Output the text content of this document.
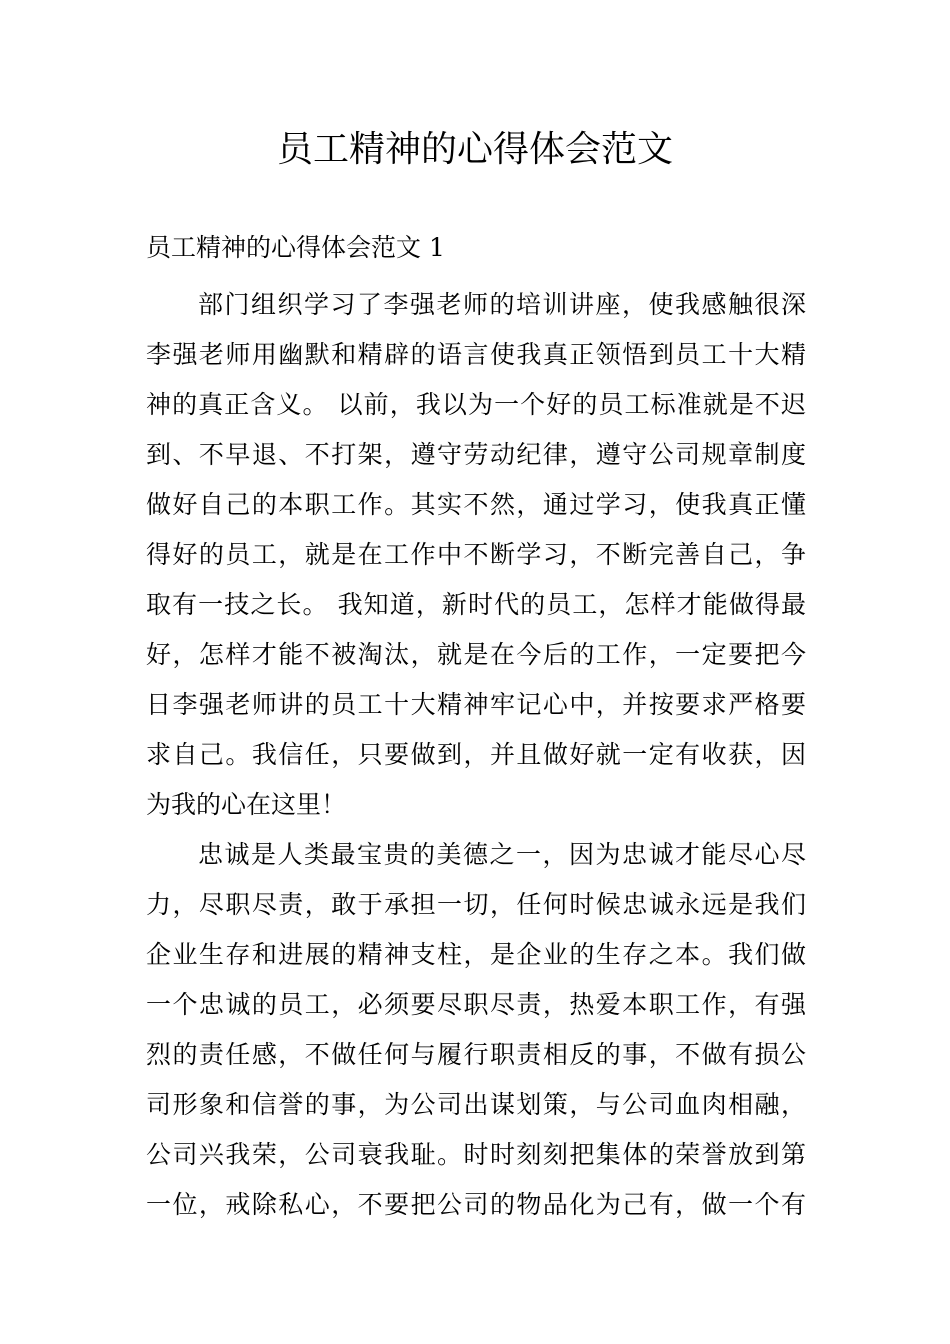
员工精神的心得体会范文
员工精神的心得体会范文 1

部门组织学习了李强老师的培训讲座，使我感触很深
李强老师用幽默和精辟的语言使我真正领悟到员工十大精
神的真正含义。 以前，我以为一个好的员工标准就是不迟
到、不早退、不打架，遵守劳动纪律，遵守公司规章制度
做好自己的本职工作。其实不然，通过学习，使我真正懂
得好的员工，就是在工作中不断学习，不断完善自己，争
取有一技之长。 我知道，新时代的员工，怎样才能做得最
好，怎样才能不被淘汰，就是在今后的工作，一定要把今
日李强老师讲的员工十大精神牢记心中，并按要求严格要
求自己。我信任，只要做到，并且做好就一定有收获，因
为我的心在这里！

忠诚是人类最宝贵的美德之一，因为忠诚才能尽心尽
力，尽职尽责，敢于承担一切，任何时候忠诚永远是我们
企业生存和进展的精神支柱，是企业的生存之本。我们做
一个忠诚的员工，必须要尽职尽责，热爱本职工作，有强
烈的责任感，不做任何与履行职责相反的事，不做有损公
司形象和信誉的事，为公司出谋划策，与公司血肉相融，
公司兴我荣，公司衰我耻。时时刻刻把集体的荣誉放到第
一位，戒除私心，不要把公司的物品化为己有，做一个有
